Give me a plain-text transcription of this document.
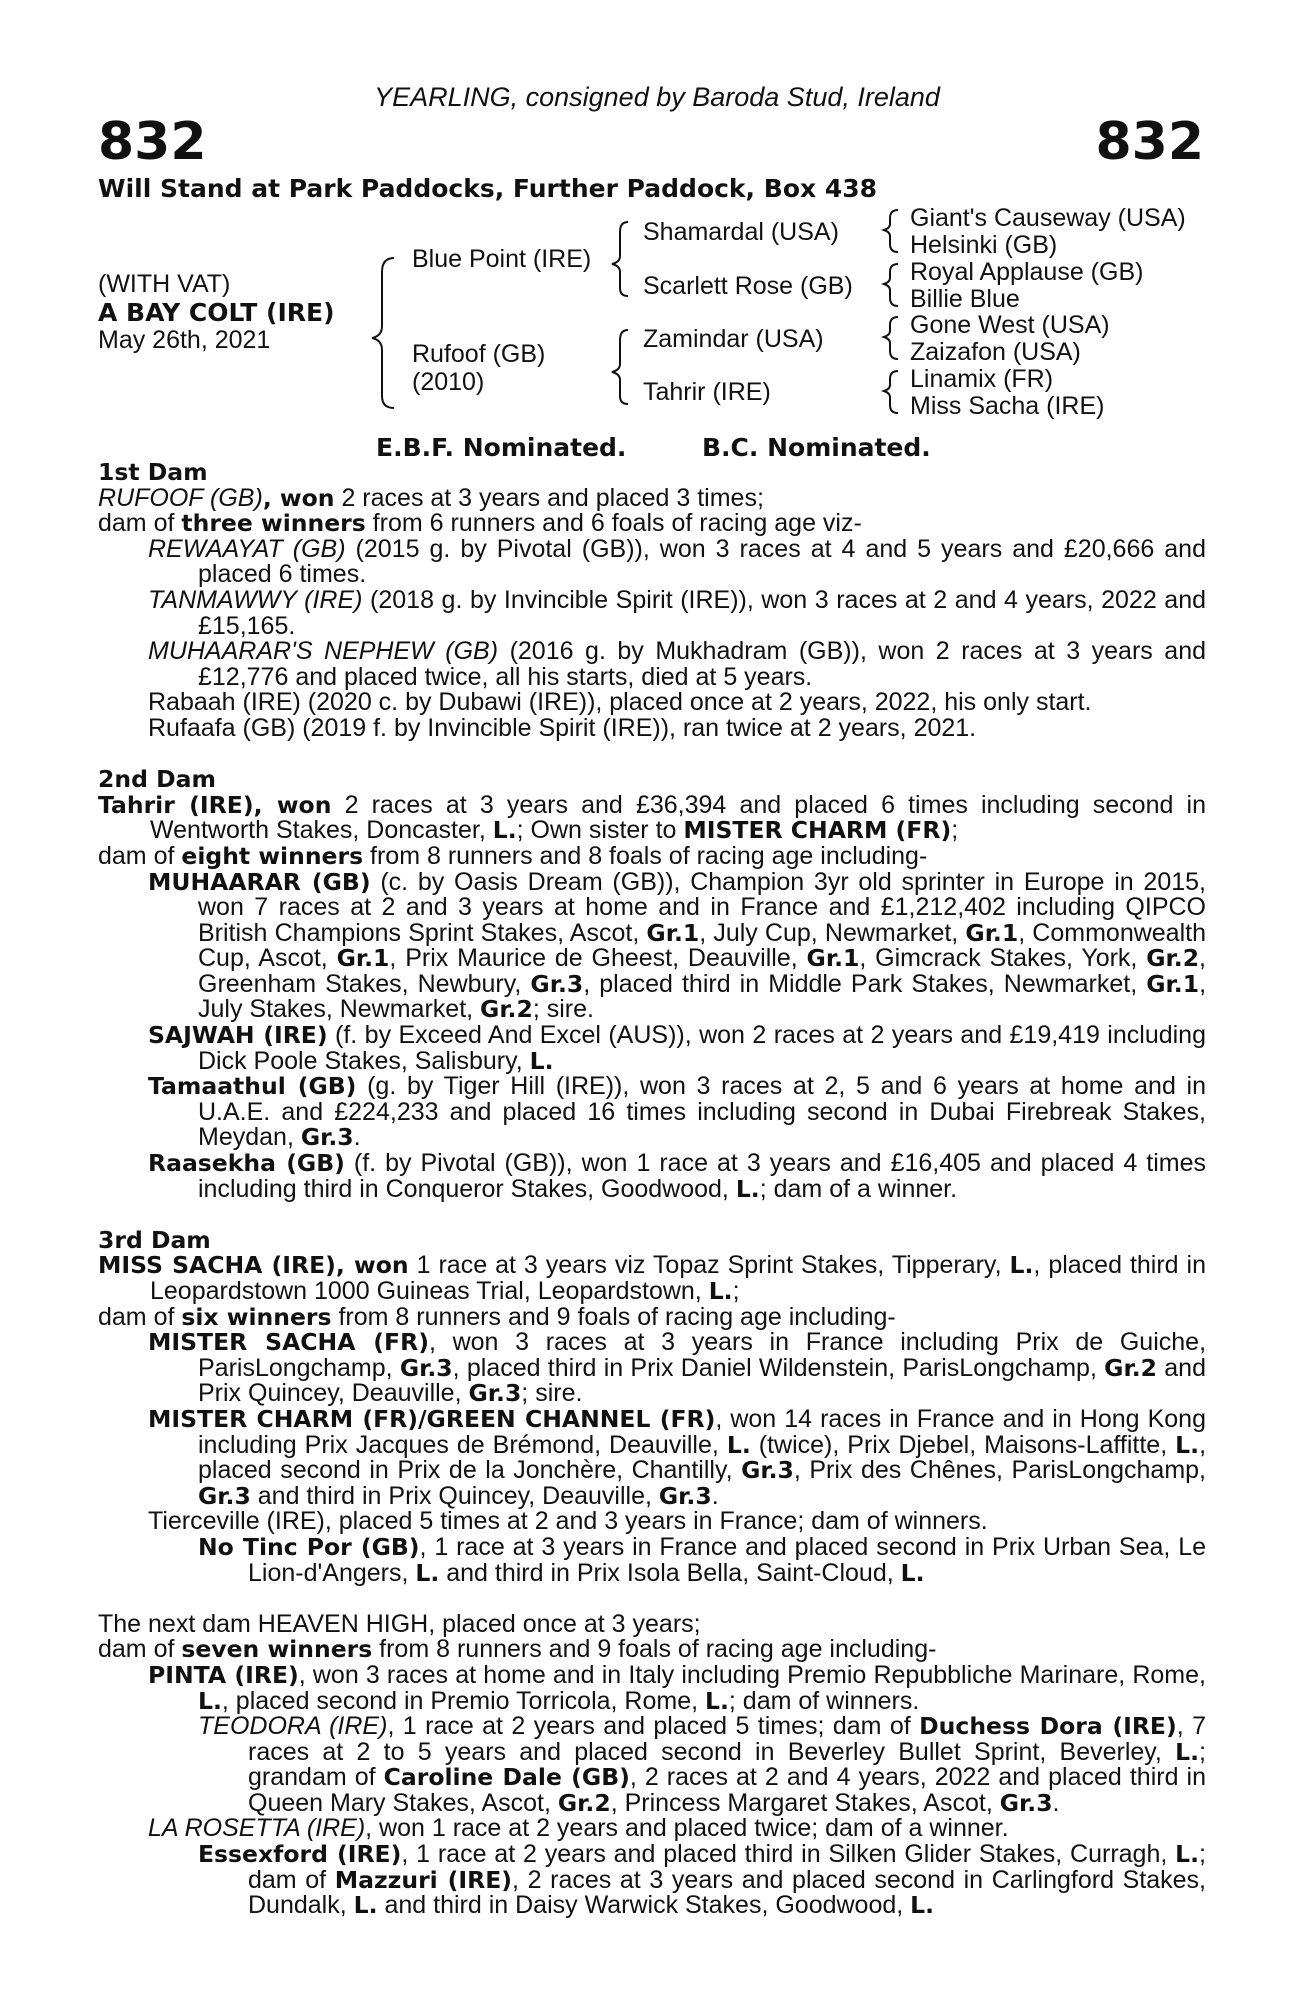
YEARLING, consigned by Baroda Stud, Ireland
832	832
Will Stand at Park Paddocks, Further Paddock, Box 438
(WITH VAT)
A BAY COLT (IRE)
May 26th, 2021
Blue Point (IRE)
Rufoof (GB)
(2010)
Shamardal (USA)
Scarlett Rose (GB)
Zamindar (USA)
Tahrir (IRE)
Giant's Causeway (USA)
Helsinki (GB)
Royal Applause (GB)
Billie Blue
Gone West (USA)
Zaizafon (USA)
Linamix (FR)
Miss Sacha (IRE)
E.B.F. Nominated.	B.C. Nominated.

1st Dam

RUFOOF (GB), won 2 races at 3 years and placed 3 times;

dam of three winners from 6 runners and 6 foals of racing age viz-

REWAAYAT (GB) (2015 g. by Pivotal (GB)), won 3 races at 4 and 5 years and £20,666 and placed 6 times.

TANMAWWY (IRE) (2018 g. by Invincible Spirit (IRE)), won 3 races at 2 and 4 years, 2022 and £15,165.

MUHAARAR'S NEPHEW (GB) (2016 g. by Mukhadram (GB)), won 2 races at 3 years and £12,776 and placed twice, all his starts, died at 5 years.

Rabaah (IRE) (2020 c. by Dubawi (IRE)), placed once at 2 years, 2022, his only start.

Rufaafa (GB) (2019 f. by Invincible Spirit (IRE)), ran twice at 2 years, 2021.

2nd Dam

Tahrir (IRE), won 2 races at 3 years and £36,394 and placed 6 times including second in Wentworth Stakes, Doncaster, L.; Own sister to MISTER CHARM (FR);

dam of eight winners from 8 runners and 8 foals of racing age including-

MUHAARAR (GB) (c. by Oasis Dream (GB)), Champion 3yr old sprinter in Europe in 2015, won 7 races at 2 and 3 years at home and in France and £1,212,402 including QIPCO British Champions Sprint Stakes, Ascot, Gr.1, July Cup, Newmarket, Gr.1, Commonwealth Cup, Ascot, Gr.1, Prix Maurice de Gheest, Deauville, Gr.1, Gimcrack Stakes, York, Gr.2, Greenham Stakes, Newbury, Gr.3, placed third in Middle Park Stakes, Newmarket, Gr.1, July Stakes, Newmarket, Gr.2; sire.

SAJWAH (IRE) (f. by Exceed And Excel (AUS)), won 2 races at 2 years and £19,419 including Dick Poole Stakes, Salisbury, L.

Tamaathul (GB) (g. by Tiger Hill (IRE)), won 3 races at 2, 5 and 6 years at home and in U.A.E. and £224,233 and placed 16 times including second in Dubai Firebreak Stakes, Meydan, Gr.3.

Raasekha (GB) (f. by Pivotal (GB)), won 1 race at 3 years and £16,405 and placed 4 times including third in Conqueror Stakes, Goodwood, L.; dam of a winner.

3rd Dam

MISS SACHA (IRE), won 1 race at 3 years viz Topaz Sprint Stakes, Tipperary, L., placed third in Leopardstown 1000 Guineas Trial, Leopardstown, L.;

dam of six winners from 8 runners and 9 foals of racing age including-

MISTER SACHA (FR), won 3 races at 3 years in France including Prix de Guiche, ParisLongchamp, Gr.3, placed third in Prix Daniel Wildenstein, ParisLongchamp, Gr.2 and Prix Quincey, Deauville, Gr.3; sire.

MISTER CHARM (FR)/GREEN CHANNEL (FR), won 14 races in France and in Hong Kong including Prix Jacques de Brémond, Deauville, L. (twice), Prix Djebel, Maisons-Laffitte, L., placed second in Prix de la Jonchère, Chantilly, Gr.3, Prix des Chênes, ParisLongchamp, Gr.3 and third in Prix Quincey, Deauville, Gr.3.

Tierceville (IRE), placed 5 times at 2 and 3 years in France; dam of winners.

No Tinc Por (GB), 1 race at 3 years in France and placed second in Prix Urban Sea, Le Lion-d'Angers, L. and third in Prix Isola Bella, Saint-Cloud, L.

The next dam HEAVEN HIGH, placed once at 3 years;

dam of seven winners from 8 runners and 9 foals of racing age including-

PINTA (IRE), won 3 races at home and in Italy including Premio Repubbliche Marinare, Rome, L., placed second in Premio Torricola, Rome, L.; dam of winners.

TEODORA (IRE), 1 race at 2 years and placed 5 times; dam of Duchess Dora (IRE), 7 races at 2 to 5 years and placed second in Beverley Bullet Sprint, Beverley, L.; grandam of Caroline Dale (GB), 2 races at 2 and 4 years, 2022 and placed third in Queen Mary Stakes, Ascot, Gr.2, Princess Margaret Stakes, Ascot, Gr.3.

LA ROSETTA (IRE), won 1 race at 2 years and placed twice; dam of a winner.

Essexford (IRE), 1 race at 2 years and placed third in Silken Glider Stakes, Curragh, L.; dam of Mazzuri (IRE), 2 races at 3 years and placed second in Carlingford Stakes, Dundalk, L. and third in Daisy Warwick Stakes, Goodwood, L.
